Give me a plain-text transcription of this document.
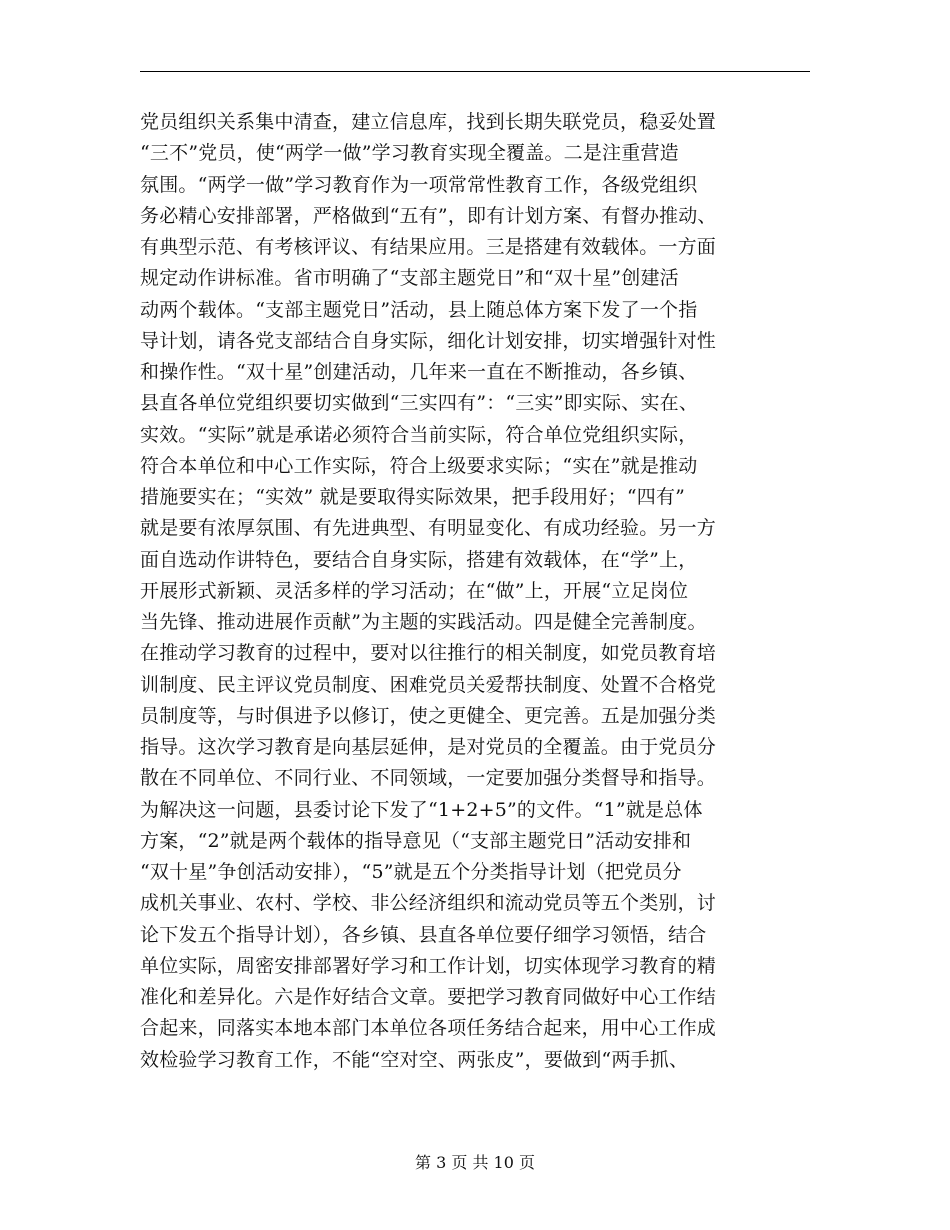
党员组织关系集中清查，建立信息库，找到长期失联党员，稳妥处置
“三不”党员，使“两学一做”学习教育实现全覆盖。二是注重营造
氛围。“两学一做”学习教育作为一项常常性教育工作，各级党组织
务必精心安排部署，严格做到“五有”，即有计划方案、有督办推动、
有典型示范、有考核评议、有结果应用。三是搭建有效载体。一方面
规定动作讲标准。省市明确了“支部主题党日”和“双十星”创建活
动两个载体。“支部主题党日”活动，县上随总体方案下发了一个指
导计划，请各党支部结合自身实际，细化计划安排，切实增强针对性
和操作性。“双十星”创建活动，几年来一直在不断推动，各乡镇、
县直各单位党组织要切实做到“三实四有”：“三实”即实际、实在、
实效。“实际”就是承诺必须符合当前实际，符合单位党组织实际，
符合本单位和中心工作实际，符合上级要求实际；“实在”就是推动
措施要实在；“实效” 就是要取得实际效果，把手段用好；“四有”
就是要有浓厚氛围、有先进典型、有明显变化、有成功经验。另一方
面自选动作讲特色，要结合自身实际，搭建有效载体，在“学”上，
开展形式新颖、灵活多样的学习活动；在“做”上，开展“立足岗位
当先锋、推动进展作贡献”为主题的实践活动。四是健全完善制度。
在推动学习教育的过程中，要对以往推行的相关制度，如党员教育培
训制度、民主评议党员制度、困难党员关爱帮扶制度、处置不合格党
员制度等，与时俱进予以修订，使之更健全、更完善。五是加强分类
指导。这次学习教育是向基层延伸，是对党员的全覆盖。由于党员分
散在不同单位、不同行业、不同领域，一定要加强分类督导和指导。
为解决这一问题，县委讨论下发了“1+2+5”的文件。“1”就是总体
方案，“2”就是两个载体的指导意见（“支部主题党日”活动安排和
“双十星”争创活动安排），“5”就是五个分类指导计划（把党员分
成机关事业、农村、学校、非公经济组织和流动党员等五个类别，讨
论下发五个指导计划），各乡镇、县直各单位要仔细学习领悟，结合
单位实际，周密安排部署好学习和工作计划，切实体现学习教育的精
准化和差异化。六是作好结合文章。要把学习教育同做好中心工作结
合起来，同落实本地本部门本单位各项任务结合起来，用中心工作成
效检验学习教育工作，不能“空对空、两张皮”，要做到“两手抓、
第 3 页 共 10 页
